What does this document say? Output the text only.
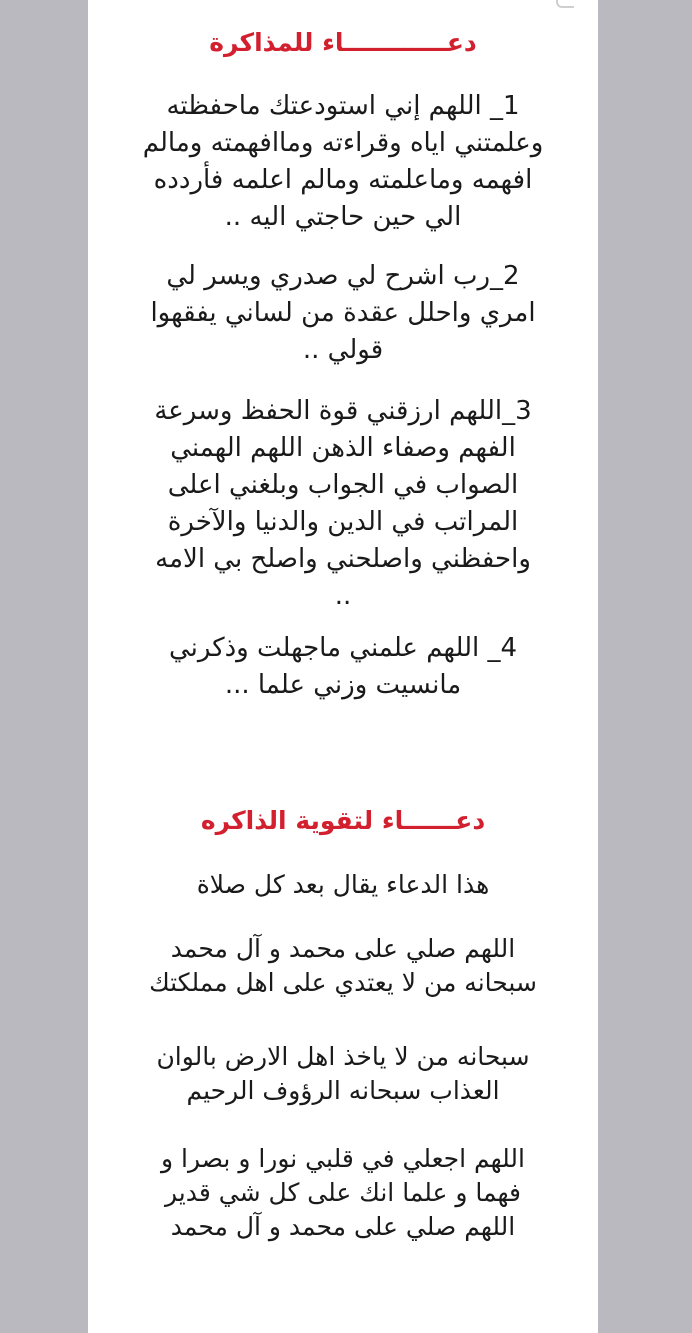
دعــــــــــــاء للمذاكرة
1_ اللهم إني استودعتك ماحفظته
وعلمتني اياه وقراءته وماافهمته ومالم
افهمه وماعلمته ومالم اعلمه فأردده
الي حين حاجتي اليه ..
2_رب اشرح لي صدري ويسر لي
امري واحلل عقدة من لساني يفقهوا
قولي ..
3_اللهم ارزقني قوة الحفظ وسرعة
الفهم وصفاء الذهن اللهم الهمني
الصواب في الجواب وبلغني اعلى
المراتب في الدين والدنيا والآخرة
واحفظني واصلحني واصلح بي الامه
..
4_ اللهم علمني ماجهلت وذكرني
مانسيت وزني علما ...
دعــــــاء لتقوية الذاكره
هذا الدعاء يقال بعد كل صلاة
اللهم صلي على محمد و آل محمد
سبحانه من لا يعتدي على اهل مملكتك
سبحانه من لا ياخذ اهل الارض بالوان
العذاب سبحانه الرؤوف الرحيم
اللهم اجعلي في قلبي نورا و بصرا و
فهما و علما انك على كل شي قدير
اللهم صلي على محمد و آل محمد
